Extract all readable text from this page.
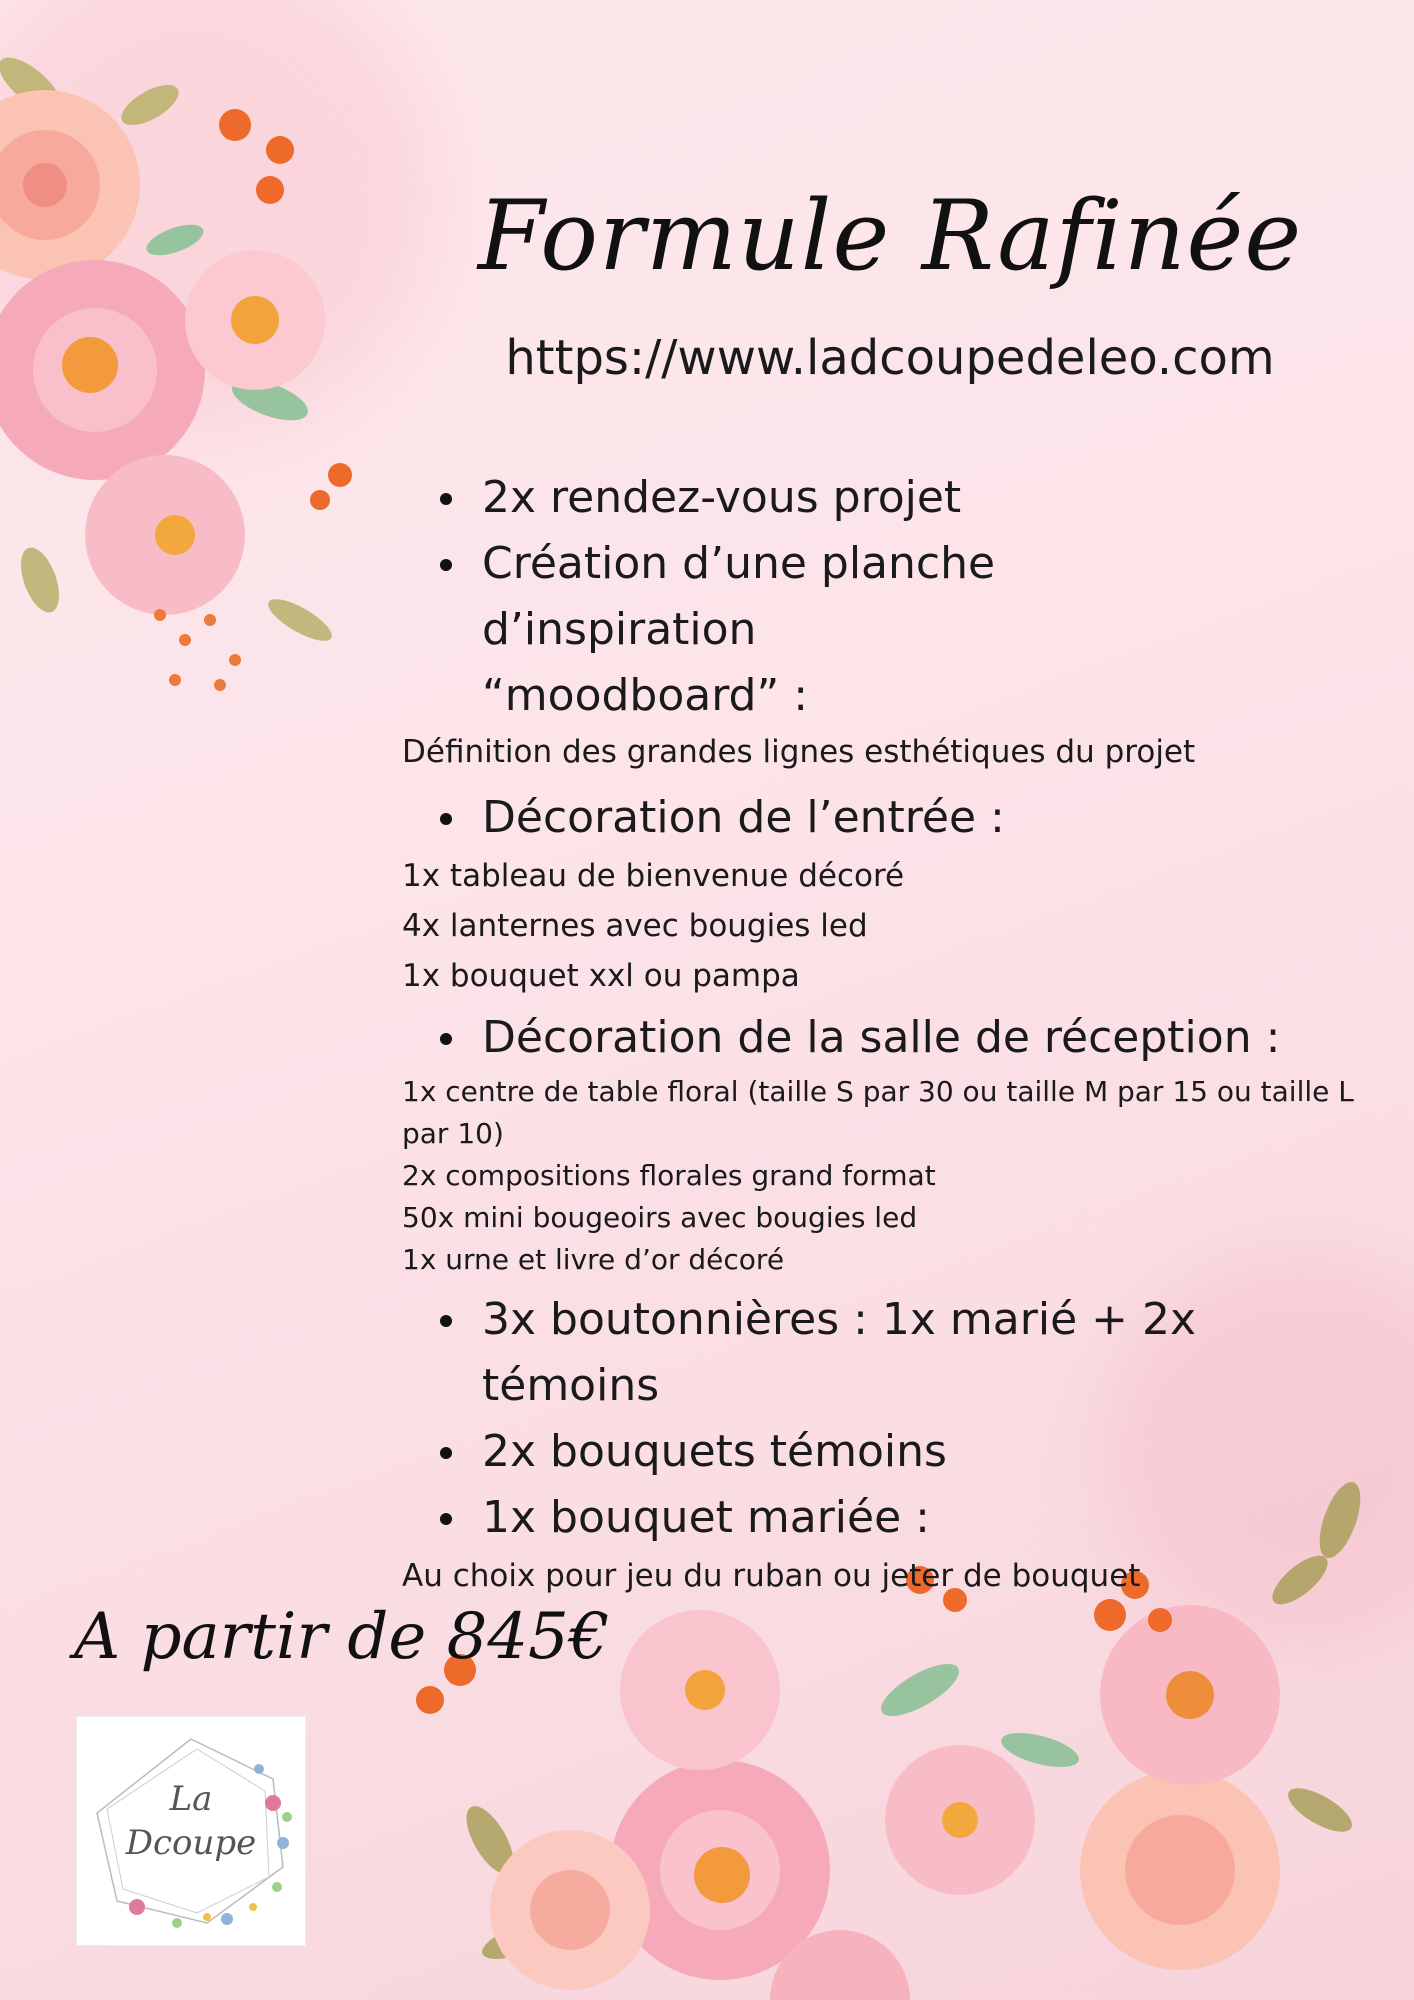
Formule Rafinée
https://www.ladcoupedeleo.com

2x rendez-vous projet

Création d’une planche d’inspiration “moodboard” :

Définition des grandes lignes esthétiques du projet

Décoration de l’entrée :

1x tableau de bienvenue décoré

4x lanternes avec bougies led

1x bouquet xxl ou pampa

Décoration de la salle de réception :

1x centre de table floral (taille S par 30 ou taille M par 15 ou taille L par 10)

2x compositions florales grand format

50x mini bougeoirs avec bougies led

1x urne et livre d’or décoré

3x boutonnières : 1x marié + 2x témoins

2x bouquets témoins

1x bouquet mariée :

Au choix pour jeu du ruban ou jeter de bouquet

A partir de 845€
La
Dcoupe
